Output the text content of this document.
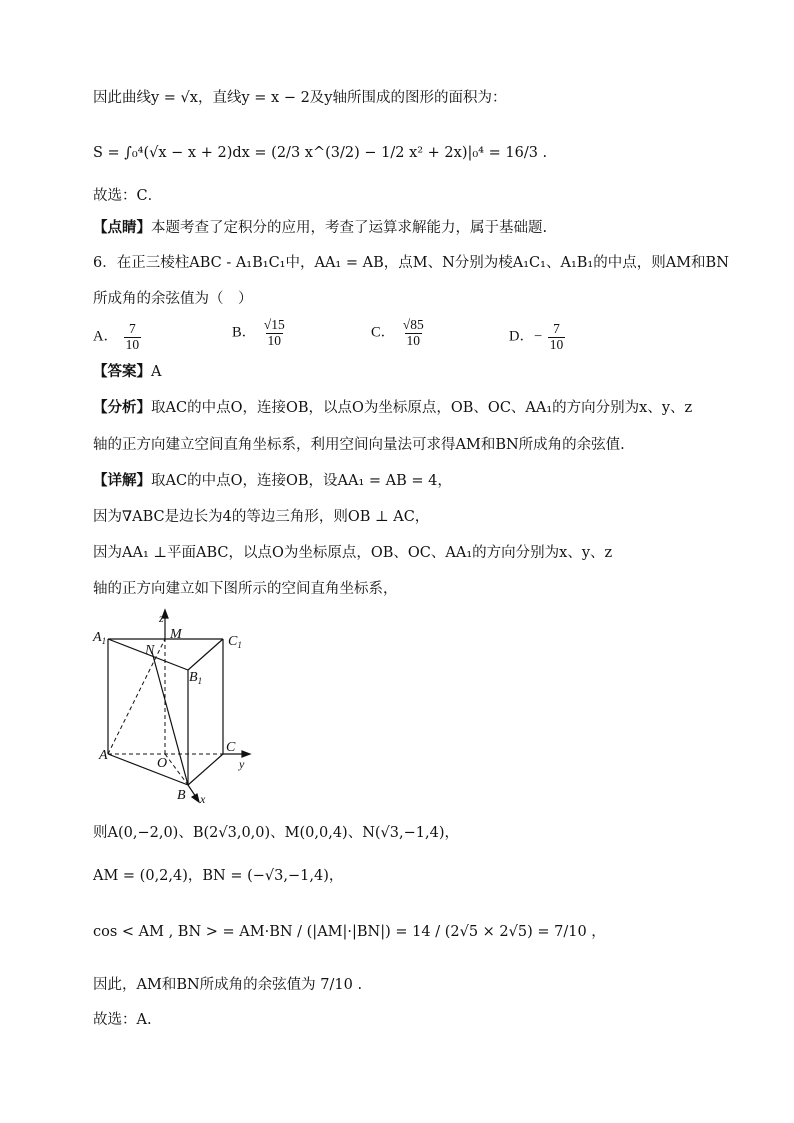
因此曲线y = √x，直线y = x − 2及y轴所围成的图形的面积为：
S = ∫₀⁴(√x − x + 2)dx = (2/3 x^(3/2) − 1/2 x² + 2x)|₀⁴ = 16/3 .
故选：C．
【点睛】本题考查了定积分的应用，考查了运算求解能力，属于基础题.
6．在正三棱柱ABC - A₁B₁C₁中，AA₁ = AB，点M、N分别为棱A₁C₁、A₁B₁的中点，则AM和BN
所成角的余弦值为（　）
A． $\frac{7}{10}$	B． $\frac{√15}{10}$	C． $\frac{√85}{10}$	D．− $\frac{7}{10}$
【答案】A
【分析】取AC的中点O，连接OB，以点O为坐标原点，OB、OC、AA₁的方向分别为x、y、z
轴的正方向建立空间直角坐标系，利用空间向量法可求得AM和BN所成角的余弦值.
【详解】取AC的中点O，连接OB，设AA₁ = AB = 4，
因为∇ABC是边长为4的等边三角形，则OB ⊥ AC，
因为AA₁ ⊥平面ABC，以点O为坐标原点，OB、OC、AA₁的方向分别为x、y、z
轴的正方向建立如下图所示的空间直角坐标系，
$A_1$	$C_1$
$B_1$
M
N
z
A
C
O	y
B x
则A(0,−2,0)、B(2√3,0,0)、M(0,0,4)、N(√3,−1,4)，
AM = (0,2,4)，BN = (−√3,−1,4)，
cos < AM , BN > = AM·BN / (|AM|·|BN|) = 14 / (2√5 × 2√5) = 7/10 ，
因此，AM和BN所成角的余弦值为 7/10 .
故选：A.
